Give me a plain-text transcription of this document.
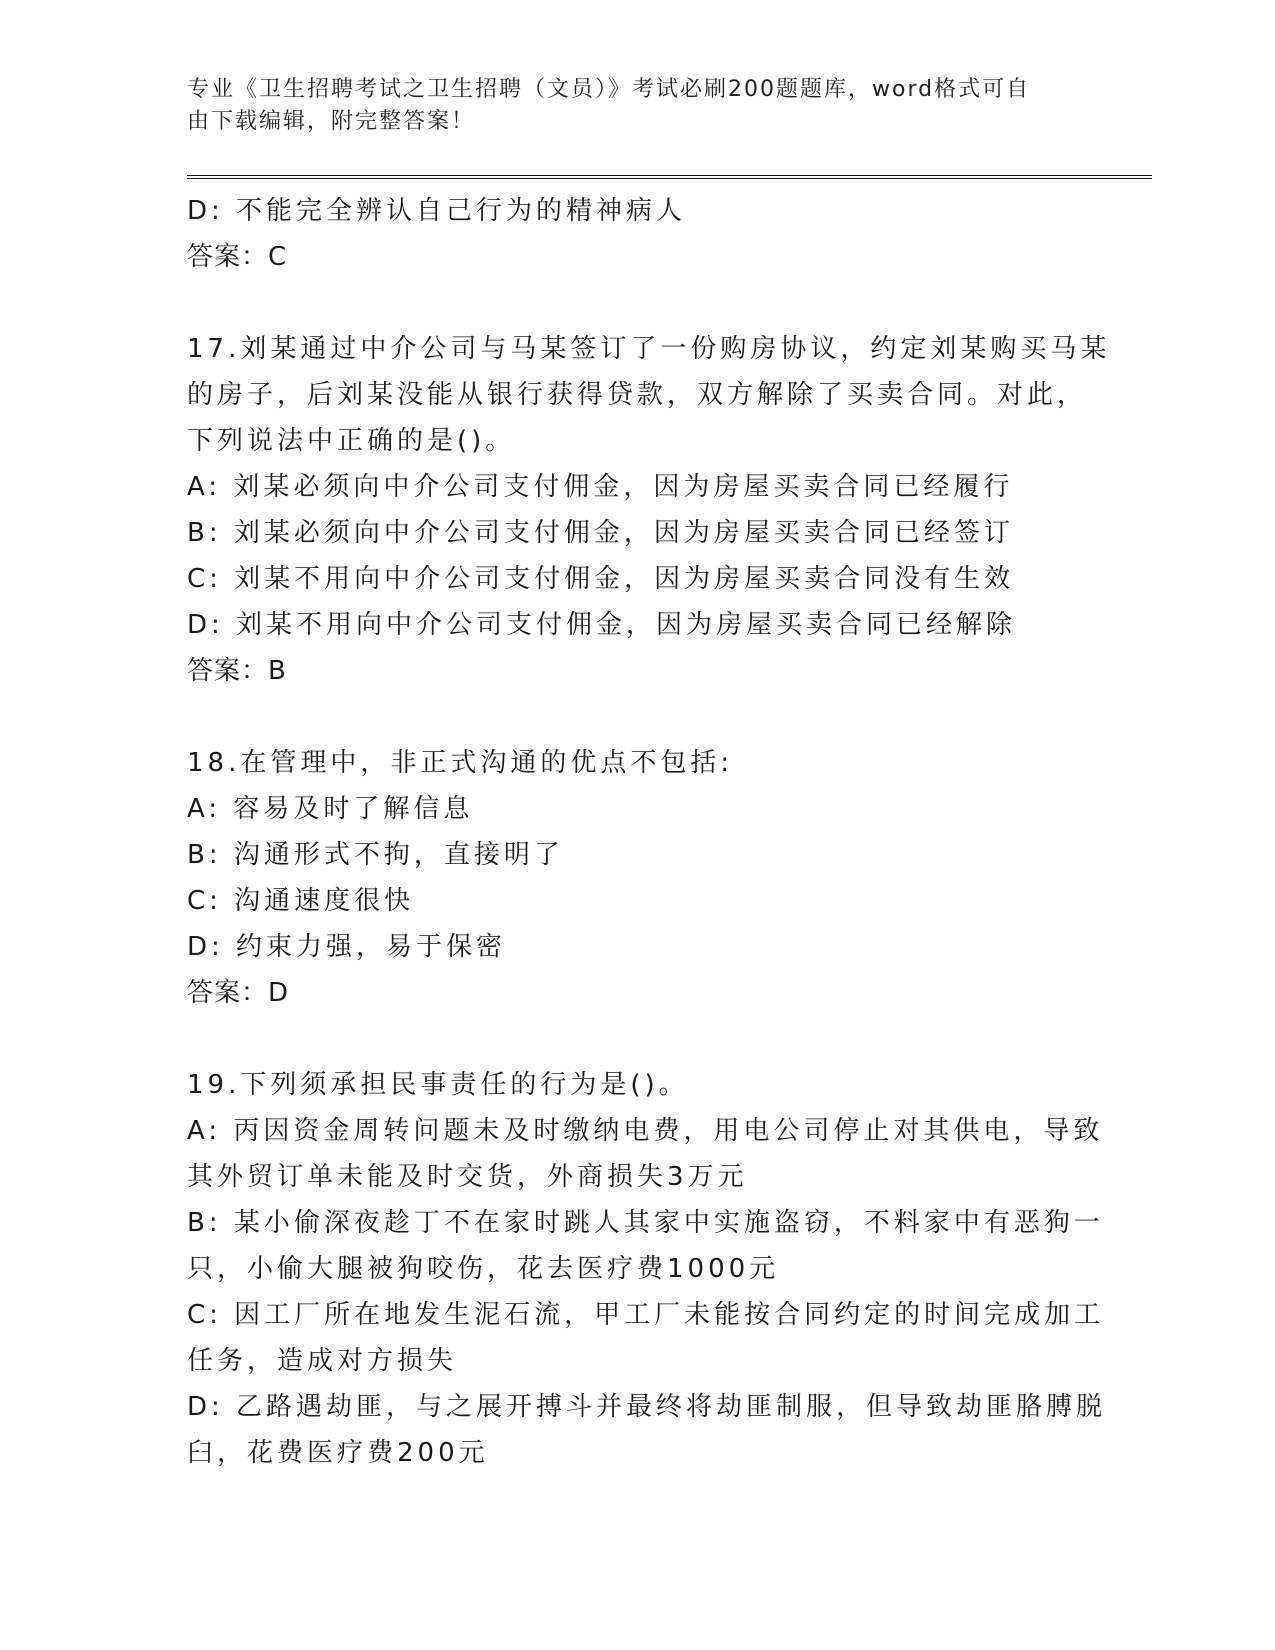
专业《卫生招聘考试之卫生招聘（文员）》考试必刷200题题库，word格式可自
由下载编辑，附完整答案！

D: 不能完全辨认自己行为的精神病人

答案：C

17.刘某通过中介公司与马某签订了一份购房协议，约定刘某购买马某

的房子，后刘某没能从银行获得贷款，双方解除了买卖合同。对此，

下列说法中正确的是()。

A: 刘某必须向中介公司支付佣金，因为房屋买卖合同已经履行

B: 刘某必须向中介公司支付佣金，因为房屋买卖合同已经签订

C: 刘某不用向中介公司支付佣金，因为房屋买卖合同没有生效

D: 刘某不用向中介公司支付佣金，因为房屋买卖合同已经解除

答案：B

18.在管理中，非正式沟通的优点不包括:

A: 容易及时了解信息

B: 沟通形式不拘，直接明了

C: 沟通速度很快

D: 约束力强，易于保密

答案：D

19.下列须承担民事责任的行为是()。

A: 丙因资金周转问题未及时缴纳电费，用电公司停止对其供电，导致

其外贸订单未能及时交货，外商损失3万元

B: 某小偷深夜趁丁不在家时跳人其家中实施盗窃，不料家中有恶狗一

只，小偷大腿被狗咬伤，花去医疗费1000元

C: 因工厂所在地发生泥石流，甲工厂未能按合同约定的时间完成加工

任务，造成对方损失

D: 乙路遇劫匪，与之展开搏斗并最终将劫匪制服，但导致劫匪胳膊脱

臼，花费医疗费200元
